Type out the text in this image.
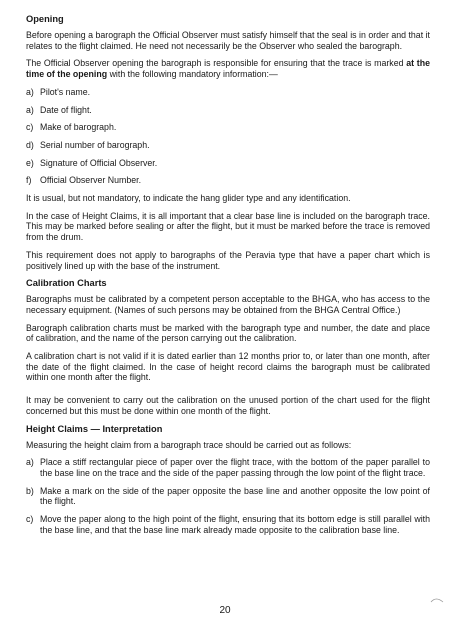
Opening

Before opening a barograph the Official Observer must satisfy himself that the seal is in order and that it relates to the flight claimed. He need not necessarily be the Observer who sealed the barograph.

The Official Observer opening the barograph is responsible for ensuring that the trace is marked at the time of the opening with the following mandatory information:—

a) Pilot's name.
a) Date of flight.
c) Make of barograph.
d) Serial number of barograph.
e) Signature of Official Observer.
f) Official Observer Number.

It is usual, but not mandatory, to indicate the hang glider type and any identification.

In the case of Height Claims, it is all important that a clear base line is included on the barograph trace. This may be marked before sealing or after the flight, but it must be marked before the trace is removed from the drum.

This requirement does not apply to barographs of the Peravia type that have a paper chart which is positively lined up with the base of the instrument.

Calibration Charts

Barographs must be calibrated by a competent person acceptable to the BHGA, who has access to the necessary equipment. (Names of such persons may be obtained from the BHGA Central Office.)

Barograph calibration charts must be marked with the barograph type and number, the date and place of calibration, and the name of the person carrying out the calibration.

A calibration chart is not valid if it is dated earlier than 12 months prior to, or later than one month, after the date of the flight claimed. In the case of height record claims the barograph must be calibrated within one month after the flight.

It may be convenient to carry out the calibration on the unused portion of the chart used for the flight concerned but this must be done within one month of the flight.

Height Claims — Interpretation

Measuring the height claim from a barograph trace should be carried out as follows:

a) Place a stiff rectangular piece of paper over the flight trace, with the bottom of the paper parallel to the base line on the trace and the side of the paper passing through the low point of the flight trace.
b) Make a mark on the side of the paper opposite the base line and another opposite the low point of the flight.
c) Move the paper along to the high point of the flight, ensuring that its bottom edge is still parallel with the base line, and that the base line mark already made opposite to the calibration base line.
20
